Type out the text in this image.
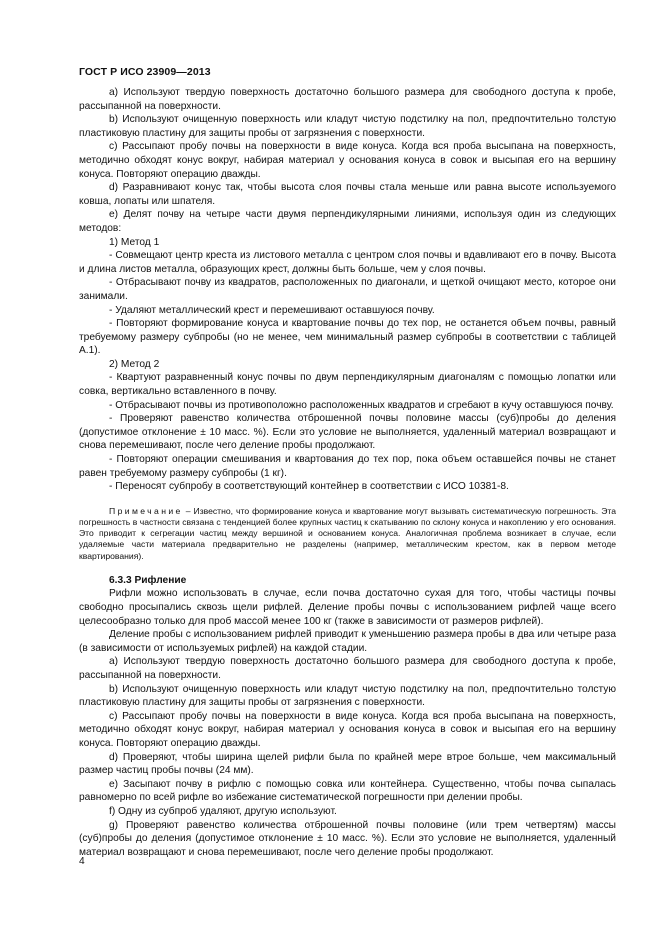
ГОСТ Р ИСО 23909—2013

a) Используют твердую поверхность достаточно большого размера для свободного доступа к пробе, рассыпанной на поверхности.

b) Используют очищенную поверхность или кладут чистую подстилку на пол, предпочтительно толстую пластиковую пластину для защиты пробы от загрязнения с поверхности.

c) Рассыпают пробу почвы на поверхности в виде конуса. Когда вся проба высыпана на поверхность, методично обходят конус вокруг, набирая материал у основания конуса в совок и высыпая его на вершину конуса. Повторяют операцию дважды.

d) Разравнивают конус так, чтобы высота слоя почвы стала меньше или равна высоте используемого ковша, лопаты или шпателя.

e) Делят почву на четыре части двумя перпендикулярными линиями, используя один из следующих методов:

1) Метод 1

- Совмещают центр креста из листового металла с центром слоя почвы и вдавливают его в почву. Высота и длина листов металла, образующих крест, должны быть больше, чем у слоя почвы.

- Отбрасывают почву из квадратов, расположенных по диагонали, и щеткой очищают место, которое они занимали.

- Удаляют металлический крест и перемешивают оставшуюся почву.

- Повторяют формирование конуса и квартование почвы до тех пор, не останется объем почвы, равный требуемому размеру субпробы (но не менее, чем минимальный размер субпробы в соответствии с таблицей А.1).

2) Метод 2

- Квартуют разравненный конус почвы по двум перпендикулярным диагоналям с помощью лопатки или совка, вертикально вставленного в почву.

- Отбрасывают почвы из противоположно расположенных квадратов и сгребают в кучу оставшуюся почву.

- Проверяют равенство количества отброшенной почвы половине массы (суб)пробы до деления (допустимое отклонение ± 10 масс. %). Если это условие не выполняется, удаленный материал возвращают и снова перемешивают, после чего деление пробы продолжают.

- Повторяют операции смешивания и квартования до тех пор, пока объем оставшейся почвы не станет равен требуемому размеру субпробы (1 кг).

- Переносят субпробу в соответствующий контейнер в соответствии с ИСО 10381-8.

Примечание – Известно, что формирование конуса и квартование могут вызывать систематическую погрешность. Эта погрешность в частности связана с тенденцией более крупных частиц к скатыванию по склону конуса и накоплению у его основания. Это приводит к сегрегации частиц между вершиной и основанием конуса. Аналогичная проблема возникает в случае, если удаляемые части материала предварительно не разделены (например, металлическим крестом, как в первом методе квартирования).

6.3.3 Рифление

Рифли можно использовать в случае, если почва достаточно сухая для того, чтобы частицы почвы свободно просыпались сквозь щели рифлей. Деление пробы почвы с использованием рифлей чаще всего целесообразно только для проб массой менее 100 кг (также в зависимости от размеров рифлей).

Деление пробы с использованием рифлей приводит к уменьшению размера пробы в два или четыре раза (в зависимости от используемых рифлей) на каждой стадии.

a) Используют твердую поверхность достаточно большого размера для свободного доступа к пробе, рассыпанной на поверхности.

b) Используют очищенную поверхность или кладут чистую подстилку на пол, предпочтительно толстую пластиковую пластину для защиты пробы от загрязнения с поверхности.

c) Рассыпают пробу почвы на поверхности в виде конуса. Когда вся проба высыпана на поверхность, методично обходят конус вокруг, набирая материал у основания конуса в совок и высыпая его на вершину конуса. Повторяют операцию дважды.

d) Проверяют, чтобы ширина щелей рифли была по крайней мере втрое больше, чем максимальный размер частиц пробы почвы (24 мм).

e) Засыпают почву в рифлю с помощью совка или контейнера. Существенно, чтобы почва сыпалась равномерно по всей рифле во избежание систематической погрешности при делении пробы.

f) Одну из субпроб удаляют, другую используют.

g) Проверяют равенство количества отброшенной почвы половине (или трем четвертям) массы (суб)пробы до деления (допустимое отклонение ± 10 масс. %). Если это условие не выполняется, удаленный материал возвращают и снова перемешивают, после чего деление пробы продолжают.

4
